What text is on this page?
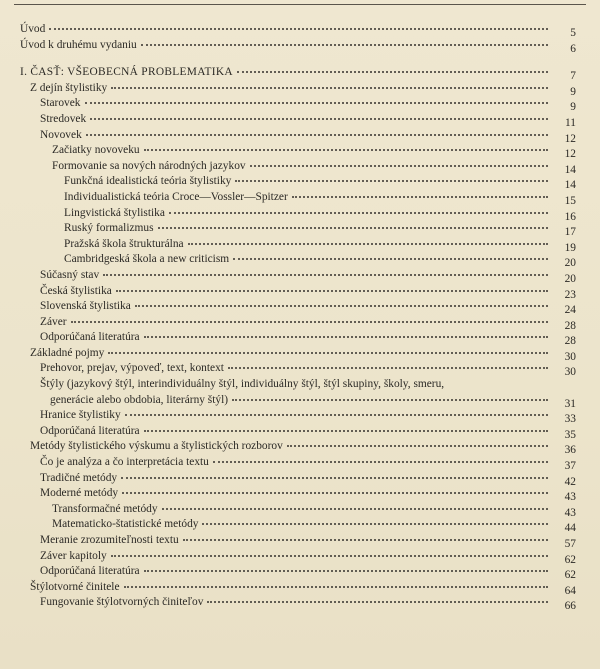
Úvod	5
Úvod k druhému vydaniu	6
I. ČASŤ: VŠEOBECNÁ PROBLEMATIKA	7
Z dejín štylistiky	9
Starovek	9
Stredovek	11
Novovek	12
Začiatky novoveku	12
Formovanie sa nových národných jazykov	14
Funkčná idealistická teória štylistiky	14
Individualistická teória Croce—Vossler—Spitzer	15
Lingvistická štylistika	16
Ruský formalizmus	17
Pražská škola štrukturálna	19
Cambridgeská škola a new criticism	20
Súčasný stav	20
Česká štylistika	23
Slovenská štylistika	24
Záver	28
Odporúčaná literatúra	28
Základné pojmy	30
Prehovor, prejav, výpoveď, text, kontext	30
Štýly (jazykový štýl, interindividuálny štýl, individuálny štýl, štýl skupiny, školy, smeru,
generácie alebo obdobia, literárny štýl)	31
Hranice štylistiky	33
Odporúčaná literatúra	35
Metódy štylistického výskumu a štylistických rozborov	36
Čo je analýza a čo interpretácia textu	37
Tradičné metódy	42
Moderné metódy	43
Transformačné metódy	43
Matematicko-štatistické metódy	44
Meranie zrozumiteľnosti textu	57
Záver kapitoly	62
Odporúčaná literatúra	62
Štýlotvorné činitele	64
Fungovanie štýlotvorných činiteľov	66
